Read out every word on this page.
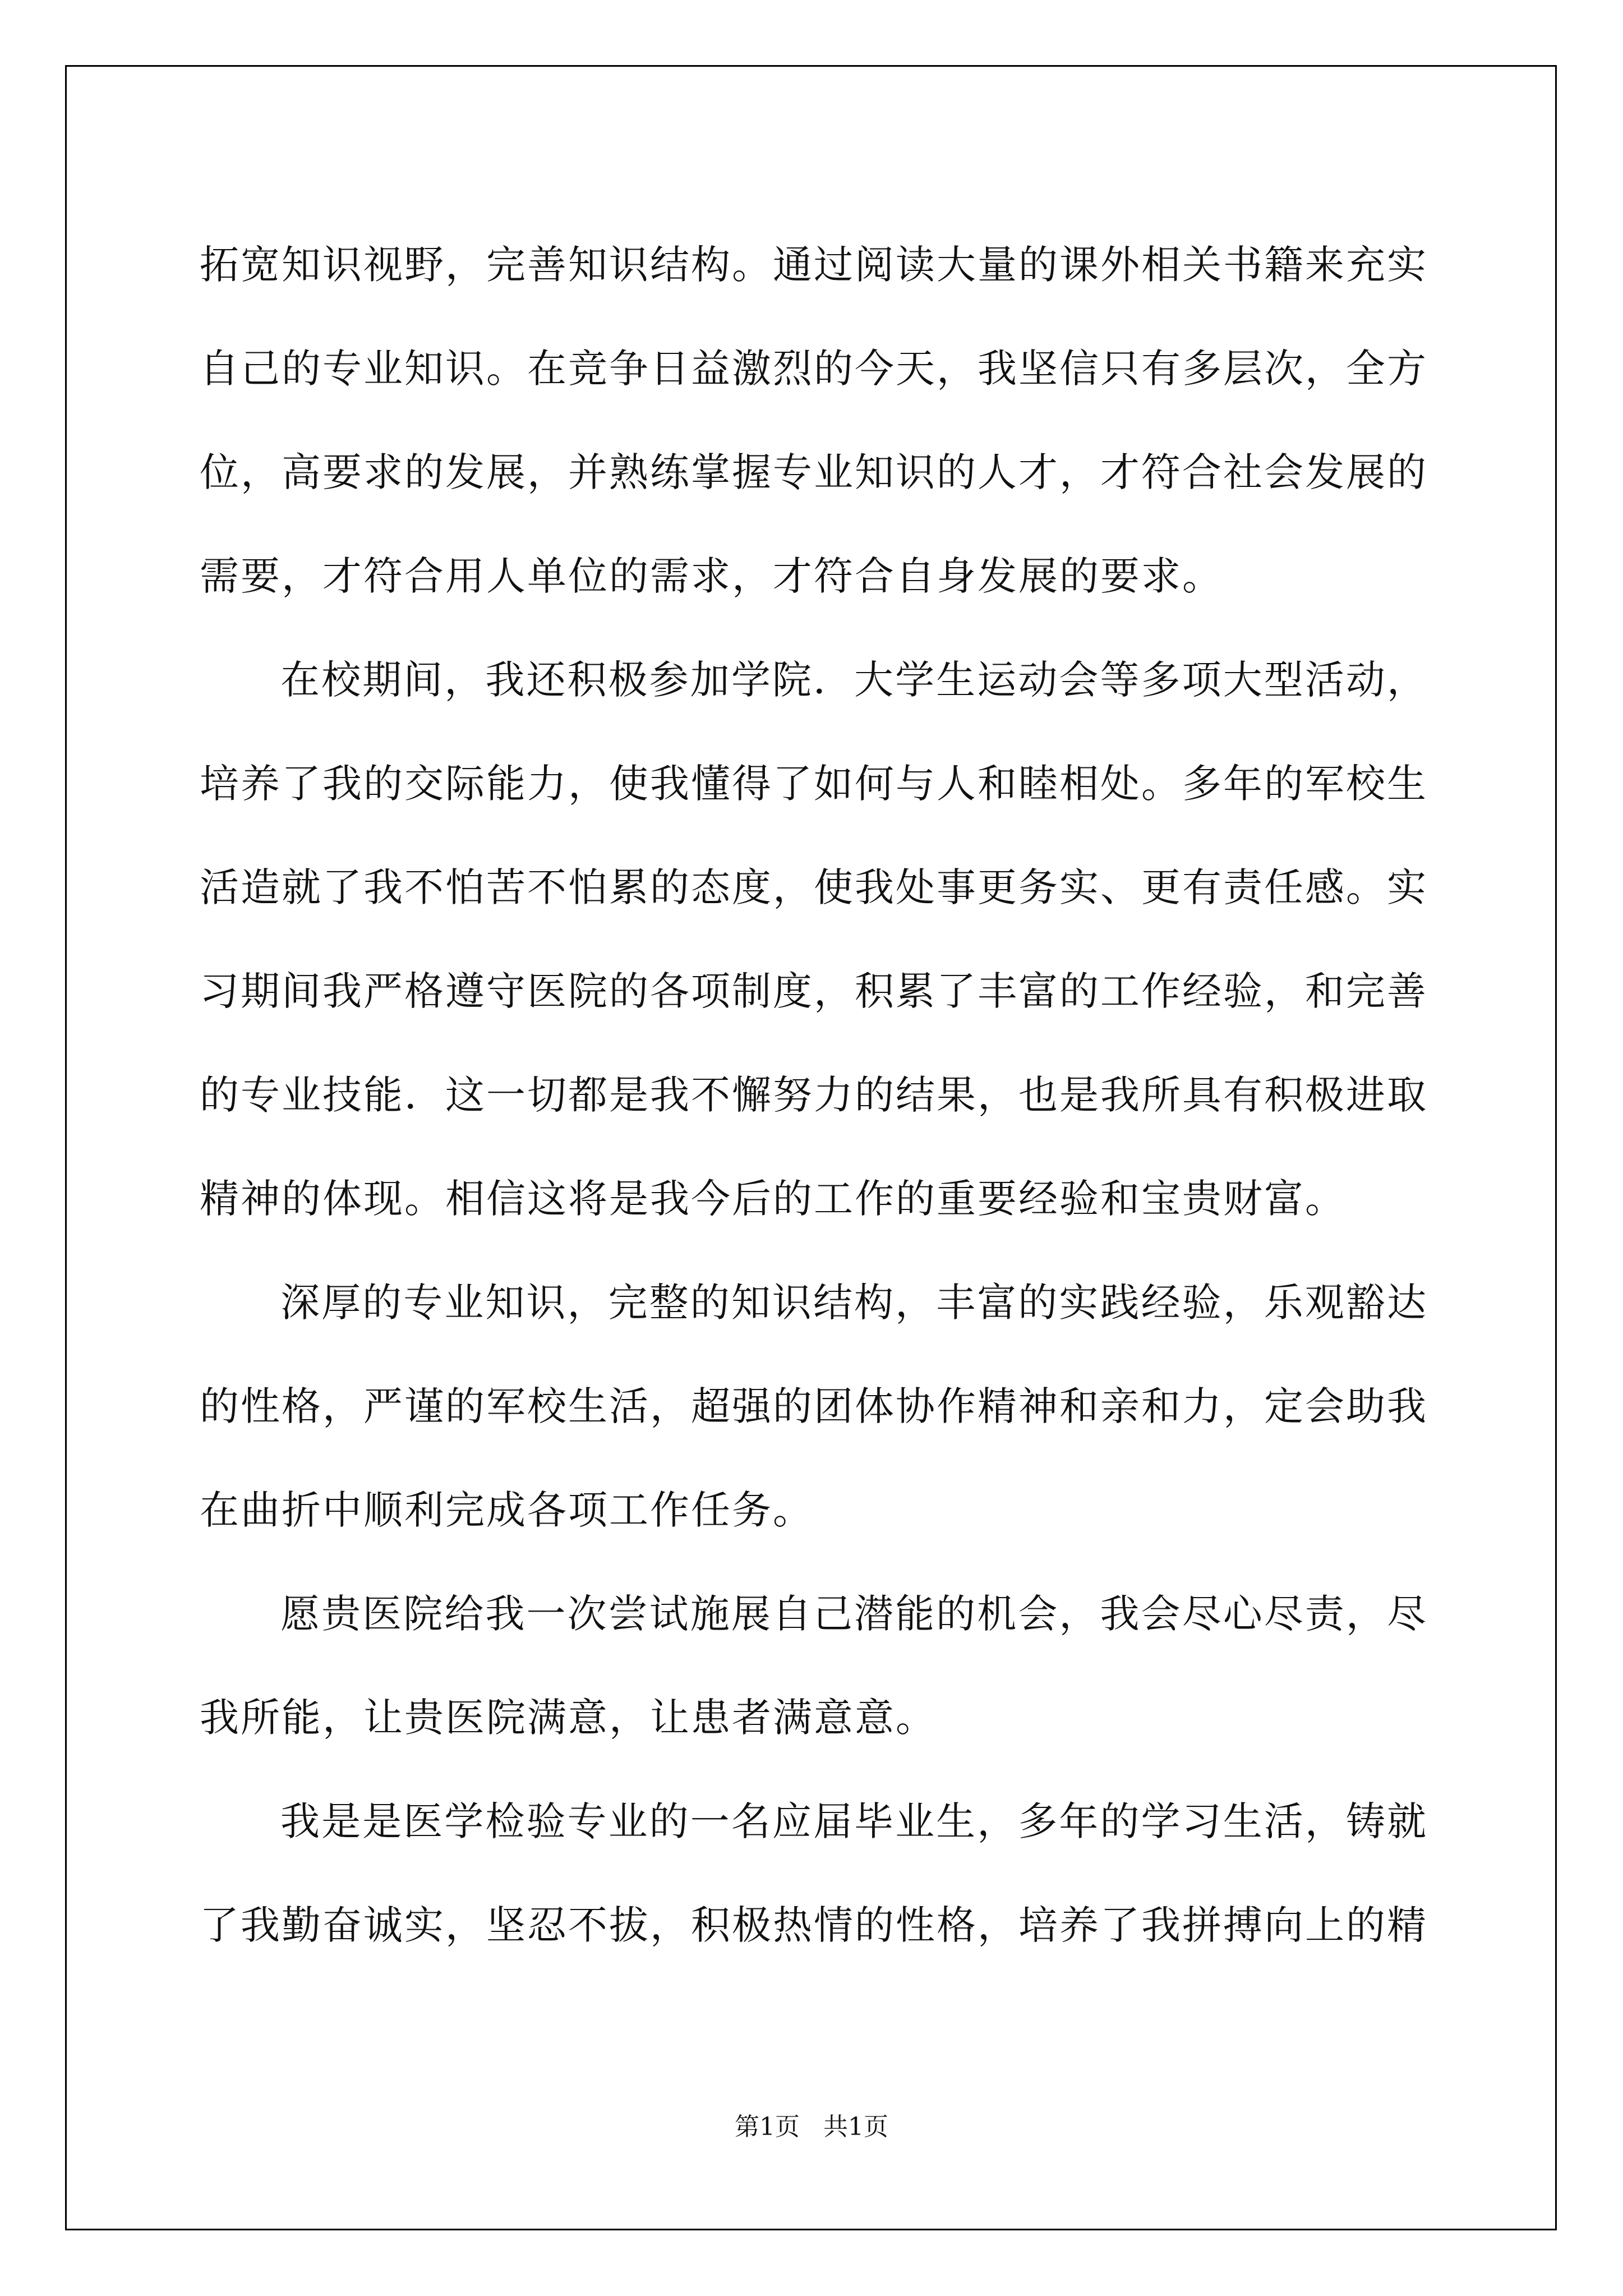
拓宽知识视野，完善知识结构。通过阅读大量的课外相关书籍来充实自己的专业知识。在竞争日益激烈的今天，我坚信只有多层次，全方位，高要求的发展，并熟练掌握专业知识的人才，才符合社会发展的需要，才符合用人单位的需求，才符合自身发展的要求。

在校期间，我还积极参加学院．大学生运动会等多项大型活动，培养了我的交际能力，使我懂得了如何与人和睦相处。多年的军校生活造就了我不怕苦不怕累的态度，使我处事更务实、更有责任感。实习期间我严格遵守医院的各项制度，积累了丰富的工作经验，和完善的专业技能．这一切都是我不懈努力的结果，也是我所具有积极进取精神的体现。相信这将是我今后的工作的重要经验和宝贵财富。

深厚的专业知识，完整的知识结构，丰富的实践经验，乐观豁达的性格，严谨的军校生活，超强的团体协作精神和亲和力，定会助我在曲折中顺利完成各项工作任务。

愿贵医院给我一次尝试施展自己潜能的机会，我会尽心尽责，尽我所能，让贵医院满意，让患者满意意。

我是是医学检验专业的一名应届毕业生，多年的学习生活，铸就了我勤奋诚实，坚忍不拔，积极热情的性格，培养了我拼搏向上的精

第1页   共1页
